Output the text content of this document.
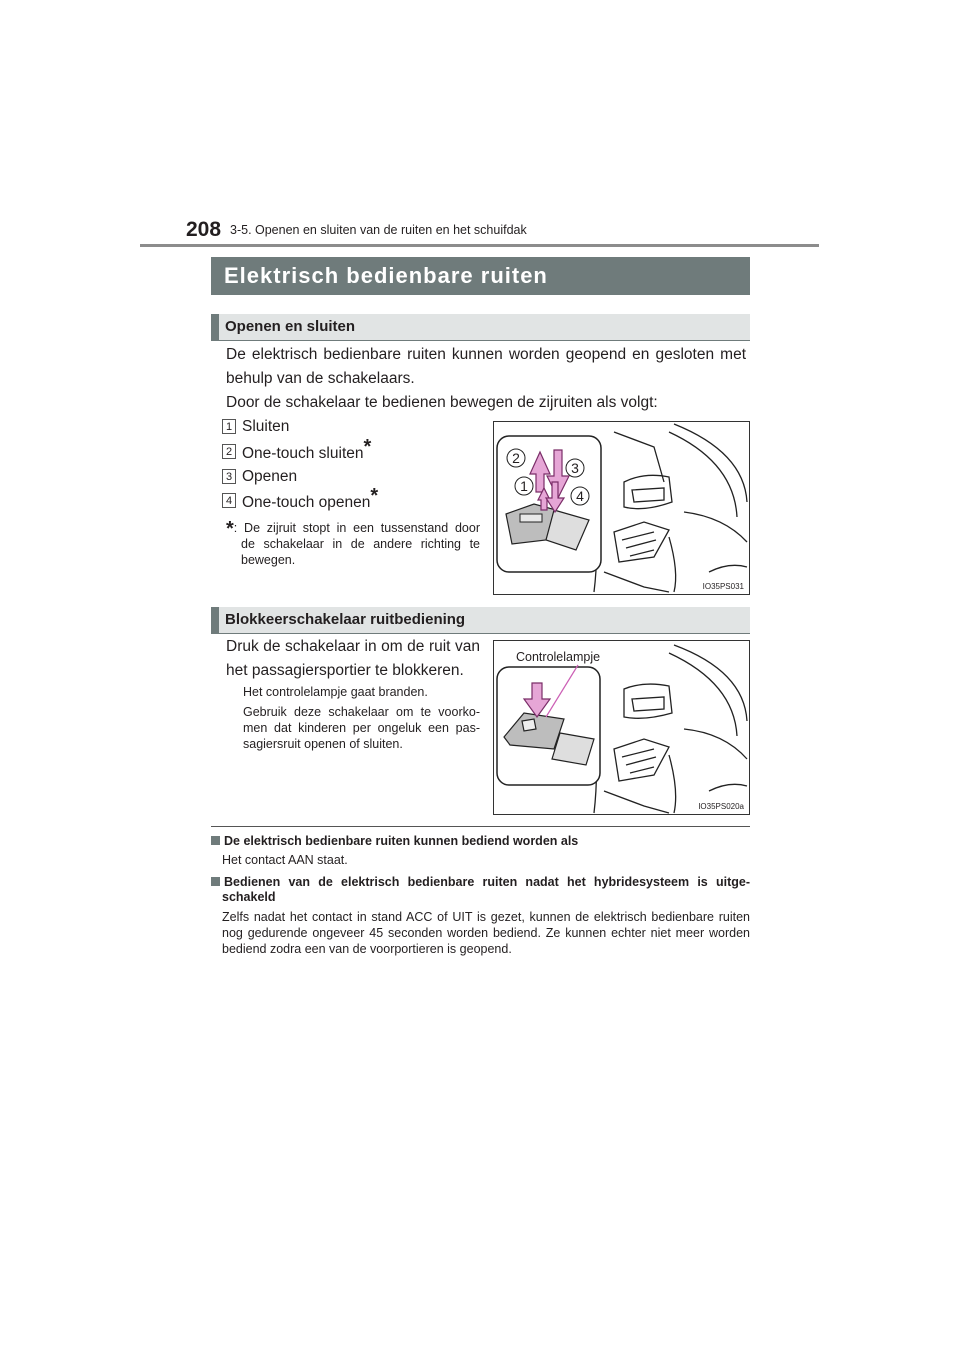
208 3-5. Openen en sluiten van de ruiten en het schuifdak
Elektrisch bedienbare ruiten
Openen en sluiten
De elektrisch bedienbare ruiten kunnen worden geopend en gesloten met
behulp van de schakelaars.
Door de schakelaar te bedienen bewegen de zijruiten als volgt:
1 Sluiten
2 One-touch sluiten*
3 Openen
4 One-touch openen*
*: De zijruit stopt in een tussenstand door
de schakelaar in de andere richting te
bewegen.
2
3
1
4
IO35PS031
Blokkeerschakelaar ruitbediening
Druk de schakelaar in om de ruit van
het passagiersportier te blokkeren.
Het controlelampje gaat branden.
Gebruik deze schakelaar om te voorko-
men dat kinderen per ongeluk een pas-
sagiersruit openen of sluiten.
Controlelampje
IO35PS020a
De elektrisch bedienbare ruiten kunnen bediend worden als
Het contact AAN staat.
Bedienen van de elektrisch bedienbare ruiten nadat het hybridesysteem is uitge-
schakeld
Zelfs nadat het contact in stand ACC of UIT is gezet, kunnen de elektrisch bedienbare ruiten nog gedurende ongeveer 45 seconden worden bediend. Ze kunnen echter niet meer worden bediend zodra een van de voorportieren is geopend.
